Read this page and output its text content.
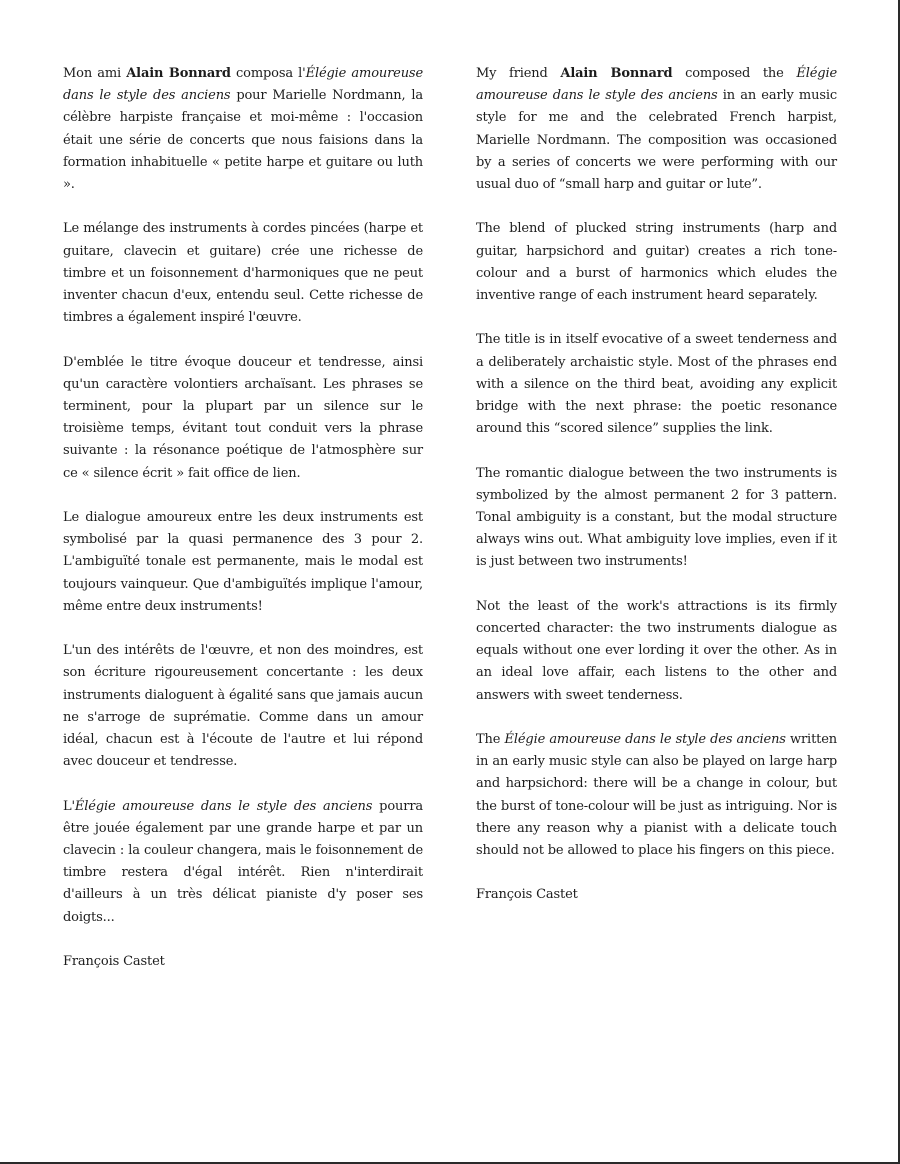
Mon ami Alain Bonnard composa l'Élégie amoureuse dans le style des anciens pour Marielle Nordmann, la célèbre harpiste française et moi-même : l'occasion était une série de concerts que nous faisions dans la formation inhabituelle « petite harpe et guitare ou luth ».

Le mélange des instruments à cordes pincées (harpe et guitare, clavecin et guitare) crée une richesse de timbre et un foisonnement d'harmoniques que ne peut inventer chacun d'eux, entendu seul. Cette richesse de timbres a également inspiré l'œuvre.

D'emblée le titre évoque douceur et tendresse, ainsi qu'un caractère volontiers archaïsant. Les phrases se terminent, pour la plupart par un silence sur le troisième temps, évitant tout conduit vers la phrase suivante : la résonance poétique de l'atmosphère sur ce « silence écrit » fait office de lien.

Le dialogue amoureux entre les deux instruments est symbolisé par la quasi permanence des 3 pour 2. L'ambiguïté tonale est permanente, mais le modal est toujours vainqueur. Que d'ambiguïtés implique l'amour, même entre deux instruments!

L'un des intérêts de l'œuvre, et non des moindres, est son écriture rigoureusement concertante : les deux instruments dialoguent à égalité sans que jamais aucun ne s'arroge de suprématie. Comme dans un amour idéal, chacun est à l'écoute de l'autre et lui répond avec douceur et tendresse.

L'Élégie amoureuse dans le style des anciens pourra être jouée également par une grande harpe et par un clavecin : la couleur changera, mais le foisonnement de timbre restera d'égal intérêt. Rien n'interdirait d'ailleurs à un très délicat pianiste d'y poser ses doigts...

François Castet

My friend Alain Bonnard composed the Élégie amoureuse dans le style des anciens in an early music style for me and the celebrated French harpist, Marielle Nordmann. The composition was occasioned by a series of concerts we were performing with our usual duo of “small harp and guitar or lute”.

The blend of plucked string instruments (harp and guitar, harpsichord and guitar) creates a rich tone-colour and a burst of harmonics which eludes the inventive range of each instrument heard separately.

The title is in itself evocative of a sweet tenderness and a deliberately archaistic style. Most of the phrases end with a silence on the third beat, avoiding any explicit bridge with the next phrase: the poetic resonance around this “scored silence” supplies the link.

The romantic dialogue between the two instruments is symbolized by the almost permanent 2 for 3 pattern. Tonal ambiguity is a constant, but the modal structure always wins out. What ambiguity love implies, even if it is just between two instruments!

Not the least of the work's attractions is its firmly concerted character: the two instruments dialogue as equals without one ever lording it over the other. As in an ideal love affair, each listens to the other and answers with sweet tenderness.

The Élégie amoureuse dans le style des anciens written in an early music style can also be played on large harp and harpsichord: there will be a change in colour, but the burst of tone-colour will be just as intriguing. Nor is there any reason why a pianist with a delicate touch should not be allowed to place his fingers on this piece.

François Castet
